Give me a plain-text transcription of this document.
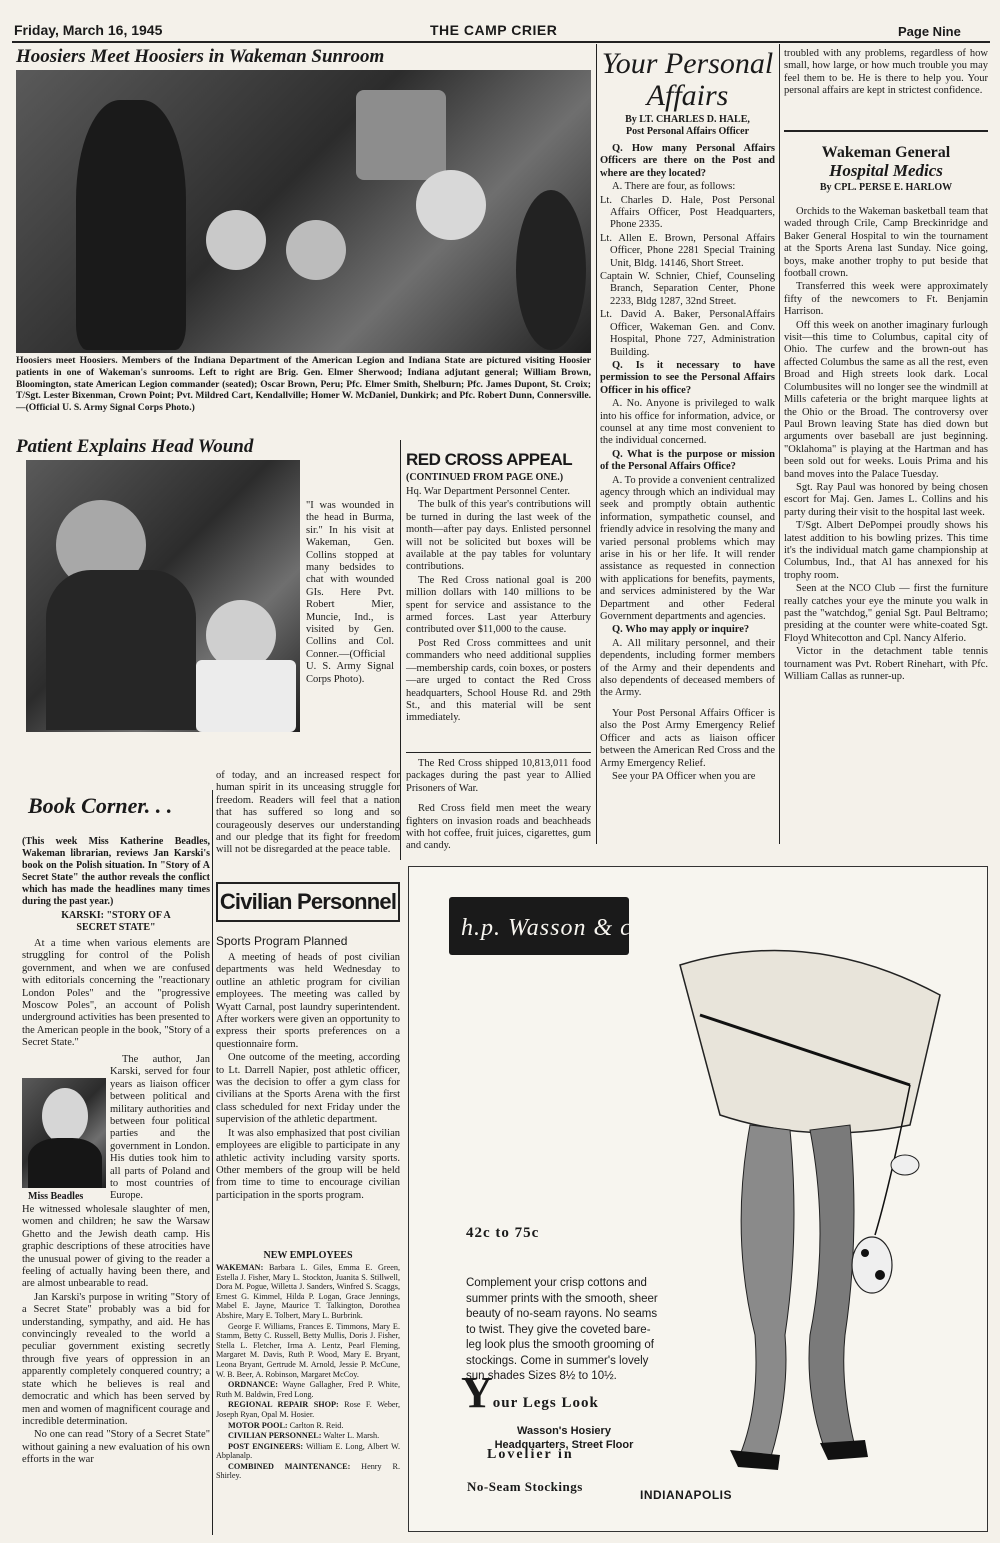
Friday, March 16, 1945	THE CAMP CRIER	Page Nine
Hoosiers Meet Hoosiers in Wakeman Sunroom
Hoosiers meet Hoosiers. Members of the Indiana Department of the American Legion and Indiana State are pictured visiting Hoosier patients in one of Wakeman's sunrooms. Left to right are Brig. Gen. Elmer Sherwood; Indiana adjutant general; William Brown, Bloomington, state American Legion commander (seated); Oscar Brown, Peru; Pfc. Elmer Smith, Shelburn; Pfc. James Dupont, St. Croix; T/Sgt. Lester Bixenman, Crown Point; Pvt. Mildred Cart, Kendallville; Homer W. McDaniel, Dunkirk; and Pfc. Robert Dunn, Connersville.—(Official U. S. Army Signal Corps Photo.)
Patient Explains Head Wound
"I was wounded in the head in Burma, sir." In his visit at Wakeman, Gen. Collins stopped at many bedsides to chat with wounded GIs. Here Pvt. Robert Mier, Muncie, Ind., is visited by Gen. Collins and Col. Conner.—(Official U. S. Army Signal Corps Photo).
RED CROSS APPEAL
(CONTINUED FROM PAGE ONE.)

Hq. War Department Personnel Center.

The bulk of this year's contributions will be turned in during the last week of the month—after pay days. Enlisted personnel will not be solicited but boxes will be available at the pay tables for voluntary contributions.

The Red Cross national goal is 200 million dollars with 140 millions to be spent for service and assistance to the armed forces. Last year Atterbury contributed over $11,000 to the cause.

Post Red Cross committees and unit commanders who need additional supplies—membership cards, coin boxes, or posters—are urged to contact the Red Cross headquarters, School House Rd. and 29th St., and this material will be sent immediately.

The Red Cross shipped 10,813,011 food packages during the past year to Allied Prisoners of War.

Red Cross field men meet the weary fighters on invasion roads and beachheads with hot coffee, fruit juices, cigarettes, gum and candy.

Your Personal
Affairs
By LT. CHARLES D. HALE,
Post Personal Affairs Officer

Q. How many Personal Affairs Officers are there on the Post and where are they located?

A. There are four, as follows:

Lt. Charles D. Hale, Post Personal Affairs Officer, Post Headquarters, Phone 2335.

Lt. Allen E. Brown, Personal Affairs Officer, Phone 2281 Special Training Unit, Bldg. 14146, Short Street.

Captain W. Schnier, Chief, Counseling Branch, Separation Center, Phone 2233, Bldg 1287, 32nd Street.

Lt. David A. Baker, PersonalAffairs Officer, Wakeman Gen. and Conv. Hospital, Phone 727, Administration Building.

Q. Is it necessary to have permission to see the Personal Affairs Officer in his office?

A. No. Anyone is privileged to walk into his office for information, advice, or counsel at any time most convenient to the individual concerned.

Q. What is the purpose or mission of the Personal Affairs Office?

A. To provide a convenient centralized agency through which an individual may seek and promptly obtain authentic information, sympathetic counsel, and friendly advice in resolving the many and varied personal problems which may arise in his or her life. It will render assistance as requested in connection with applications for benefits, payments, and services administered by the War Department and other Federal Government departments and agencies.

Q. Who may apply or inquire?

A. All military personnel, and their dependents, including former members of the Army and their dependents and also dependents of deceased members of the Army.

Your Post Personal Affairs Officer is also the Post Army Emergency Relief Officer and acts as liaison officer between the American Red Cross and the Army Emergency Relief.

See your PA Officer when you are

troubled with any problems, regardless of how small, how large, or how much trouble you may feel them to be. He is there to help you. Your personal affairs are kept in strictest confidence.

Wakeman General
Hospital Medics
By CPL. PERSE E. HARLOW

Orchids to the Wakeman basketball team that waded through Crile, Camp Breckinridge and Baker General Hospital to win the tournament at the Sports Arena last Sunday. Nice going, boys, make another trophy to put beside that football crown.

Transferred this week were approximately fifty of the newcomers to Ft. Benjamin Harrison.

Off this week on another imaginary furlough visit—this time to Columbus, capital city of Ohio. The curfew and the brown-out has affected Columbus the same as all the rest, even Broad and High streets look dark. Local Columbusites will no longer see the windmill at Mills cafeteria or the bright marquee lights at the Ohio or the Broad. The controversy over Paul Brown leaving State has died down but arguments over baseball are just beginning. "Oklahoma" is playing at the Hartman and has been sold out for weeks. Louis Prima and his band moves into the Palace Tuesday.

Sgt. Ray Paul was honored by being chosen escort for Maj. Gen. James L. Collins and his party during their visit to the hospital last week.

T/Sgt. Albert DePompei proudly shows his latest addition to his bowling prizes. This time it's the individual match game championship at Columbus, Ind., that Al has annexed for his trophy room.

Seen at the NCO Club — first the furniture really catches your eye the minute you walk in past the "watchdog," genial Sgt. Paul Beltramo; presiding at the counter were white-coated Sgt. Floyd Whitecotton and Cpl. Nancy Alferio.

Victor in the detachment table tennis tournament was Pvt. Robert Rinehart, with Pfc. William Callas as runner-up.

Book Corner. . .
(This week Miss Katherine Beadles, Wakeman librarian, reviews Jan Karski's book on the Polish situation. In "Story of A Secret State" the author reveals the conflict which has made the headlines many times during the past year.)
KARSKI: "STORY OF A
SECRET STATE"

At a time when various elements are struggling for control of the Polish government, and when we are confused with editorials concerning the "reactionary London Poles" and the "progressive Moscow Poles", an account of Polish underground activities has been presented to the American people in the book, "Story of a Secret State."

The author, Jan Karski, served for four years as liaison officer between political and military authorities and between four political parties and the government in London. His duties took him to all parts of Poland and to most countries of Europe.

Miss Beadles

He witnessed wholesale slaughter of men, women and children; he saw the Warsaw Ghetto and the Jewish death camp. His graphic descriptions of these atrocities have the unusual power of giving to the reader a feeling of actually having been there, and are almost unbearable to read.

Jan Karski's purpose in writing "Story of a Secret State" probably was a bid for understanding, sympathy, and aid. He has convincingly revealed to the world a peculiar government existing secretly through five years of oppression in an apparently completely conquered country; a state which he believes is real and democratic and which has been served by men and women of magnificent courage and incredible determination.

No one can read "Story of a Secret State" without gaining a new evaluation of his own efforts in the war

of today, and an increased respect for human spirit in its unceasing struggle for freedom. Readers will feel that a nation that has suffered so long and so courageously deserves our understanding and our pledge that its fight for freedom will not be disregarded at the peace table.

Civilian Personnel
Sports Program Planned

A meeting of heads of post civilian departments was held Wednesday to outline an athletic program for civilian employees. The meeting was called by Wyatt Carnal, post laundry superintendent. After workers were given an opportunity to express their sports preferences on a questionnaire form.

One outcome of the meeting, according to Lt. Darrell Napier, post athletic officer, was the decision to offer a gym class for civilians at the Sports Arena with the first class scheduled for next Friday under the supervision of the athletic department.

It was also emphasized that post civilian employees are eligible to participate in any athletic activity including varsity sports. Other members of the group will be held from time to time to encourage civilian participation in the sports program.

NEW EMPLOYEES

WAKEMAN: Barbara L. Giles, Emma E. Green, Estella J. Fisher, Mary L. Stockton, Juanita S. Stillwell, Dora M. Pogue, Willetta J. Sanders, Winfred S. Scaggs, Ernest G. Kimmel, Hilda P. Logan, Grace Jennings, Mabel E. Jayne, Maurice T. Talkington, Dorothea Abshire, Mary E. Tolbert, Mary L. Burbrink.

George F. Williams, Frances E. Timmons, Mary E. Stamm, Betty C. Russell, Betty Mullis, Doris J. Fisher, Stella L. Fletcher, Irma A. Lentz, Pearl Fleming, Margaret M. Davis, Ruth P. Wood, Mary E. Bryant, Leona Bryant, Gertrude M. Arnold, Jessie P. McCune, W. B. Beer, A. Robinson, Margaret McCoy.

ORDNANCE: Wayne Gallagher, Fred P. White, Ruth M. Baldwin, Fred Long.

REGIONAL REPAIR SHOP: Rose F. Weber, Joseph Ryan, Opal M. Hosier.

MOTOR POOL: Carlton R. Reid.

CIVILIAN PERSONNEL: Walter L. Marsh.

POST ENGINEERS: William E. Long, Albert W. Abplanalp.

COMBINED MAINTENANCE: Henry R. Shirley.

h.p. Wasson & co.
Your Legs Look
Lovelier in
No-Seam Stockings
42c to 75c
Complement your crisp cottons and summer prints with the smooth, sheer beauty of no-seam rayons. No seams to twist. They give the coveted bare-leg look plus the smooth grooming of stockings. Come in summer's lovely sun shades Sizes 8½ to 10½.
Wasson's Hosiery
Headquarters, Street Floor
INDIANAPOLIS
